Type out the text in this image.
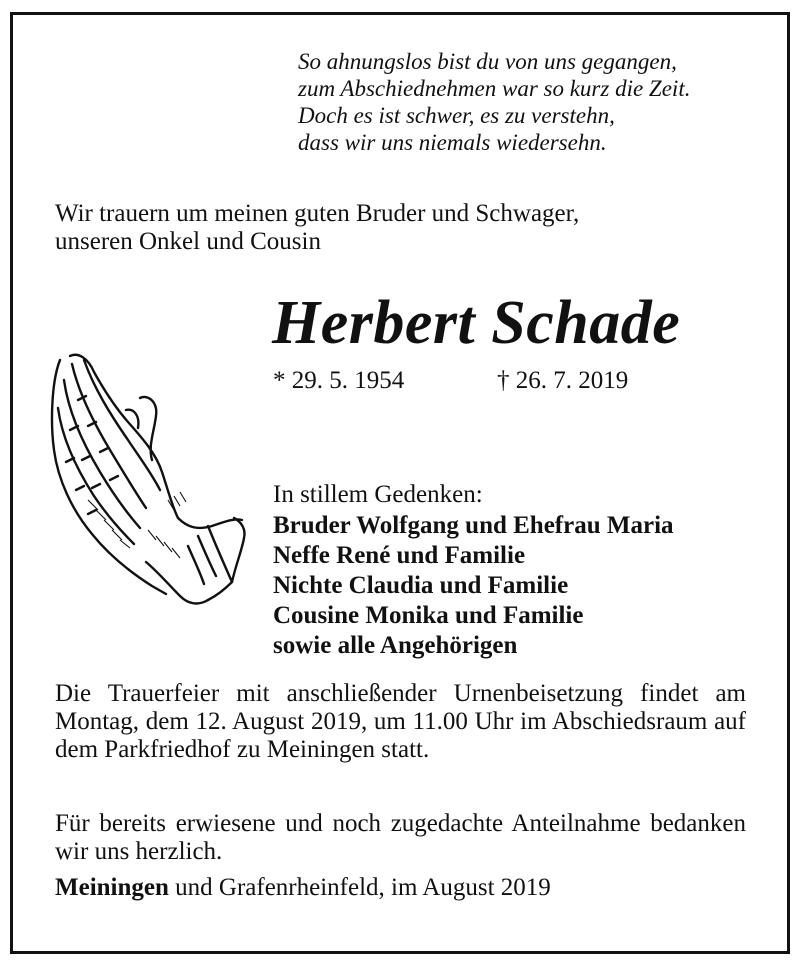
So ahnungslos bist du von uns gegangen,
zum Abschiednehmen war so kurz die Zeit.
Doch es ist schwer, es zu verstehn,
dass wir uns niemals wiedersehn.
Wir trauern um meinen guten Bruder und Schwager,
unseren Onkel und Cousin
Herbert Schade
* 29. 5. 1954	† 26. 7. 2019
In stillem Gedenken:
Bruder Wolfgang und Ehefrau Maria
Neffe René und Familie
Nichte Claudia und Familie
Cousine Monika und Familie
sowie alle Angehörigen

Die Trauerfeier mit anschließender Urnenbeisetzung findet am Montag, dem 12. August 2019, um 11.00 Uhr im Abschiedsraum auf dem Parkfriedhof zu Meiningen statt.

Für bereits erwiesene und noch zugedachte Anteilnahme bedanken wir uns herzlich.

Meiningen und Grafenrheinfeld, im August 2019
